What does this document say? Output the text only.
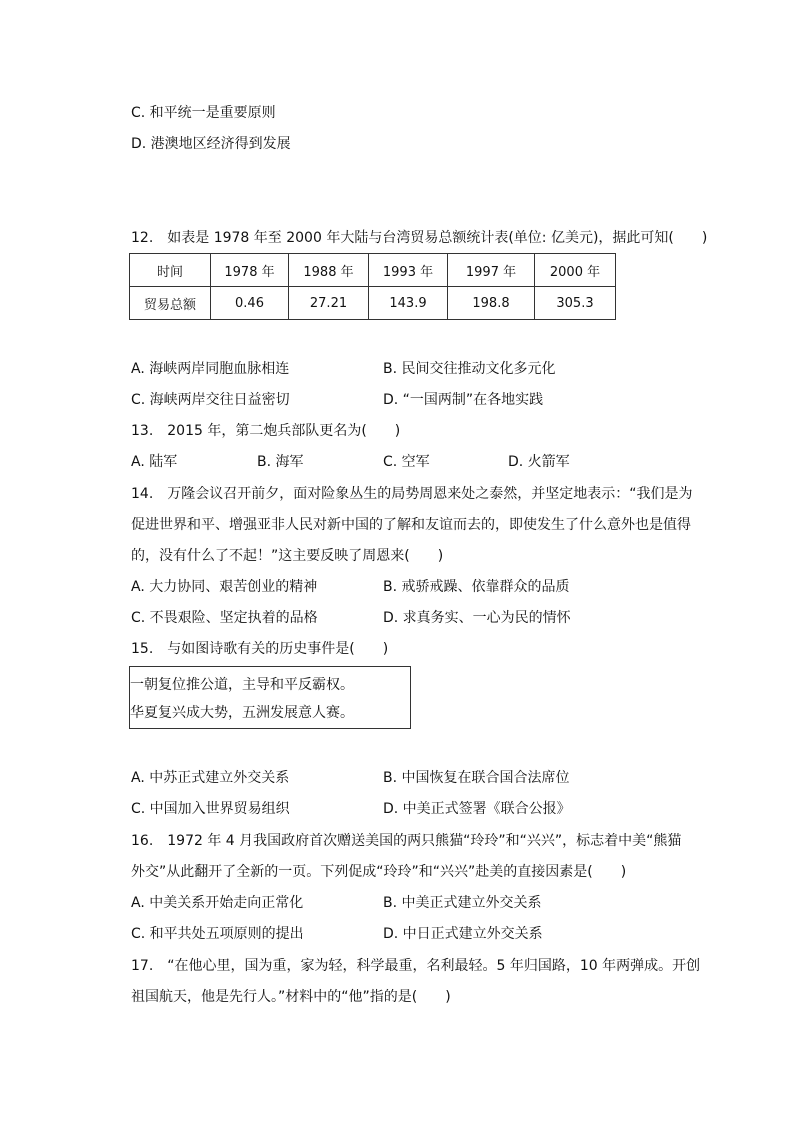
C. 和平统一是重要原则
D. 港澳地区经济得到发展
12.　如表是 1978 年至 2000 年大陆与台湾贸易总额统计表(单位: 亿美元)，据此可知(　　)
时间	1978 年	1988 年	1993 年	1997 年	2000 年
贸易总额	0.46	27.21	143.9	198.8	305.3
A. 海峡两岸同胞血脉相连	B. 民间交往推动文化多元化
C. 海峡两岸交往日益密切	D. “一国两制”在各地实践
13.　2015 年，第二炮兵部队更名为(　　)
A. 陆军	B. 海军	C. 空军	D. 火箭军
14.　万隆会议召开前夕，面对险象丛生的局势周恩来处之泰然，并坚定地表示：“我们是为
促进世界和平、增强亚非人民对新中国的了解和友谊而去的，即使发生了什么意外也是值得
的，没有什么了不起！”这主要反映了周恩来(　　)
A. 大力协同、艰苦创业的精神	B. 戒骄戒躁、依靠群众的品质
C. 不畏艰险、坚定执着的品格	D. 求真务实、一心为民的情怀
15.　与如图诗歌有关的历史事件是(　　)
一朝复位推公道，主导和平反霸权。
华夏复兴成大势，五洲发展意人赛。
A. 中苏正式建立外交关系	B. 中国恢复在联合国合法席位
C. 中国加入世界贸易组织	D. 中美正式签署《联合公报》
16.　1972 年 4 月我国政府首次赠送美国的两只熊猫“玲玲”和“兴兴”，标志着中美“熊猫
外交”从此翻开了全新的一页。下列促成“玲玲”和“兴兴”赴美的直接因素是(　　)
A. 中美关系开始走向正常化	B. 中美正式建立外交关系
C. 和平共处五项原则的提出	D. 中日正式建立外交关系
17.　“在他心里，国为重，家为轻，科学最重，名利最轻。5 年归国路，10 年两弹成。开创
祖国航天，他是先行人。”材料中的“他”指的是(　　)
